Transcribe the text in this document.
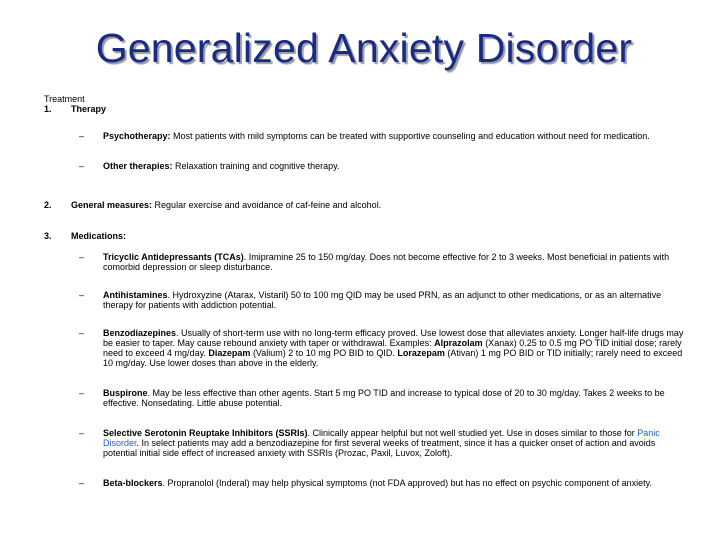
Generalized Anxiety Disorder
Treatment
1.	Therapy
–	Psychotherapy: Most patients with mild symptoms can be treated with supportive counseling and education without need for medication.
–	Other therapies: Relaxation training and cognitive therapy.
2.	General measures: Regular exercise and avoidance of caf-feine and alcohol.
3.	Medications:
–	Tricyclic Antidepressants (TCAs). Imipramine 25 to 150 mg/day. Does not become effective for 2 to 3 weeks. Most beneficial in patients with comorbid depression or sleep disturbance.
–	Antihistamines. Hydroxyzine (Atarax, Vistaril) 50 to 100 mg QID may be used PRN, as an adjunct to other medications, or as an alternative therapy for patients with addiction potential.
–	Benzodiazepines. Usually of short-term use with no long-term efficacy proved. Use lowest dose that alleviates anxiety. Longer half-life drugs may be easier to taper. May cause rebound anxiety with taper or withdrawal. Examples: Alprazolam (Xanax) 0.25 to 0.5 mg PO TID initial dose; rarely need to exceed 4 mg/day. Diazepam (Valium) 2 to 10 mg PO BID to QID. Lorazepam (Ativan) 1 mg PO BID or TID initially; rarely need to exceed 10 mg/day. Use lower doses than above in the elderly.
–	Buspirone. May be less effective than other agents. Start 5 mg PO TID and increase to typical dose of 20 to 30 mg/day. Takes 2 weeks to be effective. Nonsedating. Little abuse potential.
–	Selective Serotonin Reuptake Inhibitors (SSRIs). Clinically appear helpful but not well studied yet. Use in doses similar to those for Panic Disorder. In select patients may add a benzodiazepine for first several weeks of treatment, since it has a quicker onset of action and avoids potential initial side effect of increased anxiety with SSRIs (Prozac, Paxil, Luvox, Zoloft).
–	Beta-blockers. Propranolol (Inderal) may help physical symptoms (not FDA approved) but has no effect on psychic component of anxiety.
